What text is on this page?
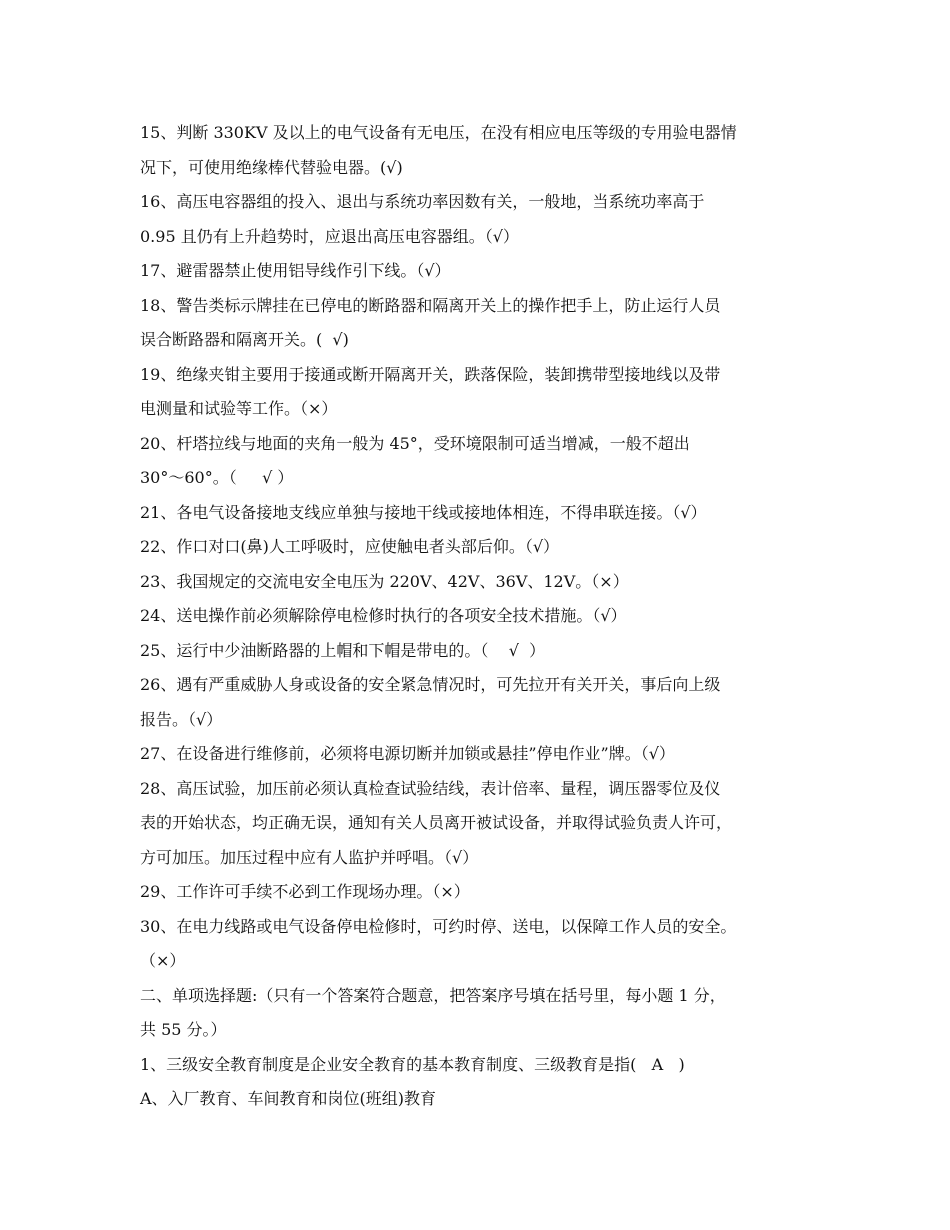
15、判断 330KV 及以上的电气设备有无电压，在没有相应电压等级的专用验电器情
况下，可使用绝缘棒代替验电器。(√)
16、高压电容器组的投入、退出与系统功率因数有关，一般地，当系统功率高于
0.95 且仍有上升趋势时，应退出高压电容器组。（√）
17、避雷器禁止使用铝导线作引下线。（√）
18、警告类标示牌挂在已停电的断路器和隔离开关上的操作把手上，防止运行人员
误合断路器和隔离开关。(  √)
19、绝缘夹钳主要用于接通或断开隔离开关，跌落保险，装卸携带型接地线以及带
电测量和试验等工作。（×）
20、杆塔拉线与地面的夹角一般为 45°，受环境限制可适当增减，一般不超出
30°～60°。（     √ ）
21、各电气设备接地支线应单独与接地干线或接地体相连，不得串联连接。（√）
22、作口对口(鼻)人工呼吸时，应使触电者头部后仰。（√）
23、我国规定的交流电安全电压为 220V、42V、36V、12V。（×）
24、送电操作前必须解除停电检修时执行的各项安全技术措施。（√）
25、运行中少油断路器的上帽和下帽是带电的。（    √  ）
26、遇有严重威胁人身或设备的安全紧急情况时，可先拉开有关开关，事后向上级
报告。（√）
27、在设备进行维修前，必须将电源切断并加锁或悬挂”停电作业”牌。（√）
28、高压试验，加压前必须认真检查试验结线，表计倍率、量程，调压器零位及仪
表的开始状态，均正确无误，通知有关人员离开被试设备，并取得试验负责人许可，
方可加压。加压过程中应有人监护并呼唱。（√）
29、工作许可手续不必到工作现场办理。（×）
30、在电力线路或电气设备停电检修时，可约时停、送电，以保障工作人员的安全。
（×）
二、单项选择题:（只有一个答案符合题意，把答案序号填在括号里，每小题 1 分，
共 55 分。）
1、三级安全教育制度是企业安全教育的基本教育制度、三级教育是指(   A   )
A、入厂教育、车间教育和岗位(班组)教育
